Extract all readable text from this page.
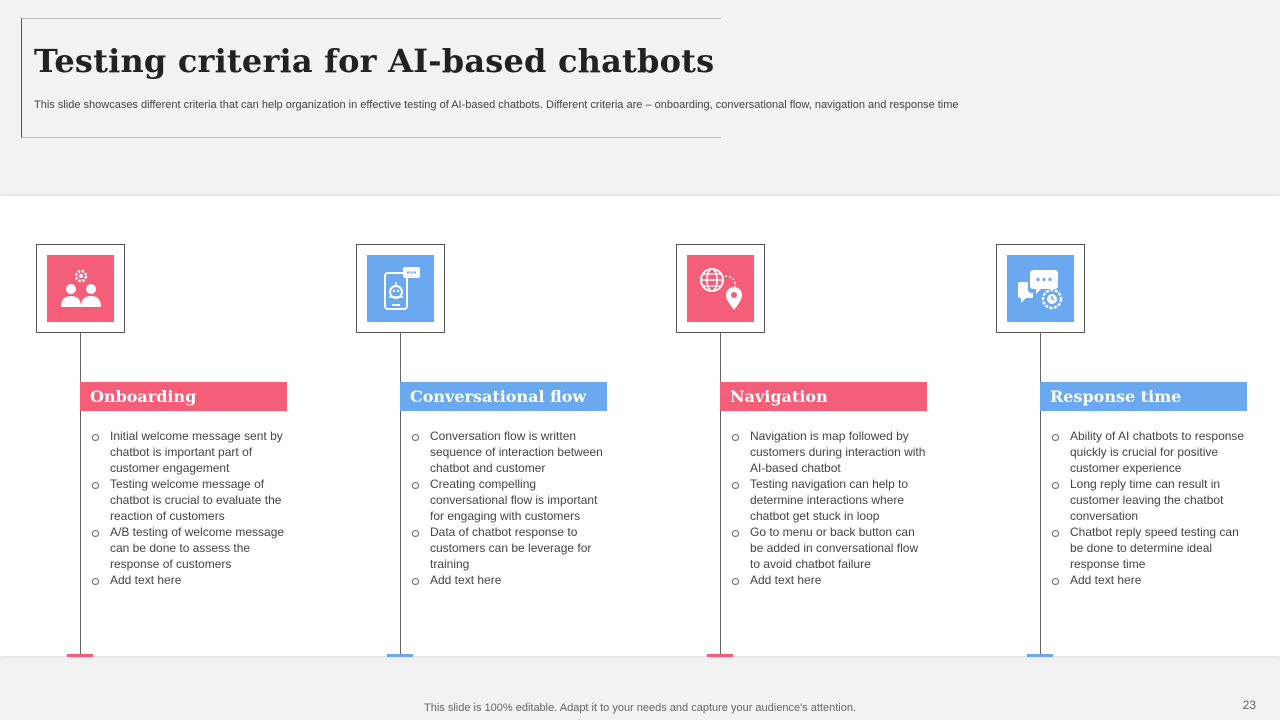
Testing criteria for AI-based chatbots

This slide showcases different criteria that can help organization in effective testing of AI-based chatbots. Different criteria are – onboarding, conversational flow, navigation and response time

Onboarding
Initial welcome message sent by chatbot is important part of customer engagement
Testing welcome message of chatbot is crucial to evaluate the reaction of customers
A/B testing of welcome message can be done to assess the response of customers
Add text here
Conversational flow
Conversation flow is written sequence of interaction between chatbot and customer
Creating compelling conversational flow is important for engaging with customers
Data of chatbot response to customers can be leverage for training
Add text here
Navigation
Navigation is map followed by customers during interaction with AI-based chatbot
Testing navigation can help to determine interactions where chatbot get stuck in loop
Go to menu or back button can be added in conversational flow to avoid chatbot failure
Add text here
Response time
Ability of AI chatbots to response quickly is crucial for positive customer experience
Long reply time can result in customer leaving the chatbot conversation
Chatbot reply speed testing can be done to determine ideal response time
Add text here

This slide is 100% editable. Adapt it to your needs and capture your audience's attention.	23
